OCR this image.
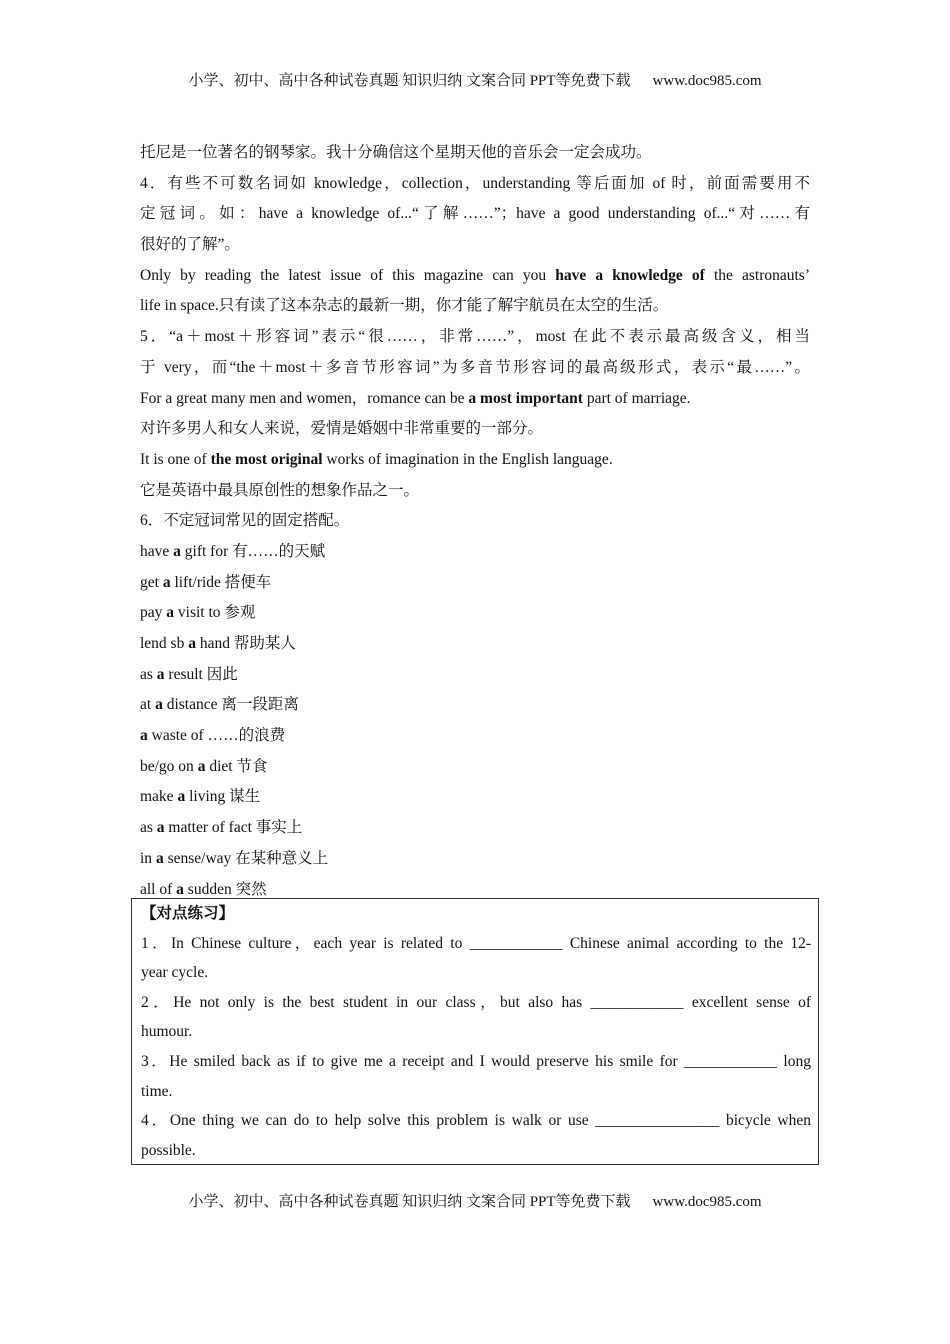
小学、初中、高中各种试卷真题 知识归纳 文案合同 PPT等免费下载 www.doc985.com
托尼是一位著名的钢琴家。我十分确信这个星期天他的音乐会一定会成功。
4．有些不可数名词如 knowledge，collection，understanding 等后面加 of 时，前面需要用不
定冠词。如：have a knowledge of...“了解……”；have a good understanding of...“对……有
很好的了解”。
Only by reading the latest issue of this magazine can you have a knowledge of the astronauts’
life in space.只有读了这本杂志的最新一期，你才能了解宇航员在太空的生活。
5．“a＋most＋形容词”表示“很……，非常……”，most 在此不表示最高级含义，相当
于 very，而“the＋most＋多音节形容词”为多音节形容词的最高级形式，表示“最……”。
For a great many men and women，romance can be a most important part of marriage.
对许多男人和女人来说，爱情是婚姻中非常重要的一部分。
It is one of the most original works of imagination in the English language.
它是英语中最具原创性的想象作品之一。
6．不定冠词常见的固定搭配。
have a gift for 有……的天赋
get a lift/ride 搭便车
pay a visit to 参观
lend sb a hand 帮助某人
as a result 因此
at a distance 离一段距离
a waste of ……的浪费
be/go on a diet 节食
make a living 谋生
as a matter of fact 事实上
in a sense/way 在某种意义上
all of a sudden 突然
【对点练习】
1．In Chinese culture，each year is related to ____________ Chinese animal according to the 12-
year cycle.
2．He not only is the best student in our class，but also has ____________ excellent sense of
humour.
3．He smiled back as if to give me a receipt and I would preserve his smile for ____________ long
time.
4．One thing we can do to help solve this problem is walk or use ________________ bicycle when
possible.
小学、初中、高中各种试卷真题 知识归纳 文案合同 PPT等免费下载 www.doc985.com
